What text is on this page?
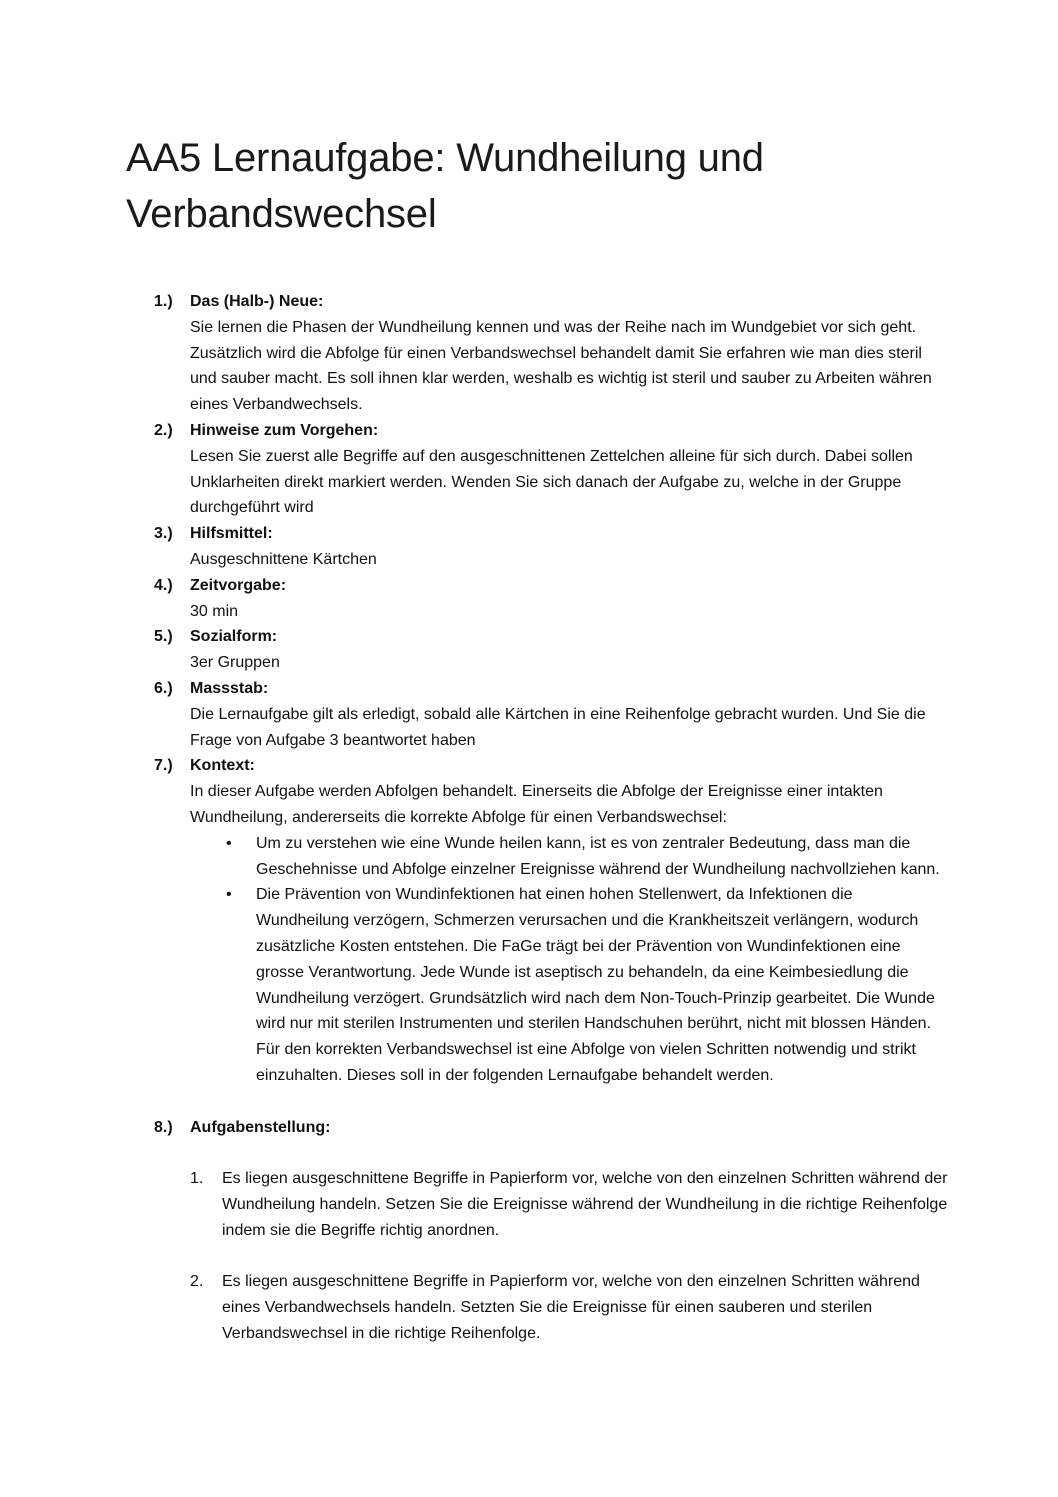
AA5 Lernaufgabe: Wundheilung und Verbandswechsel
1.) Das (Halb-) Neue:
Sie lernen die Phasen der Wundheilung kennen und was der Reihe nach im Wundgebiet vor sich geht. Zusätzlich wird die Abfolge für einen Verbandswechsel behandelt damit Sie erfahren wie man dies steril und sauber macht. Es soll ihnen klar werden, weshalb es wichtig ist steril und sauber zu Arbeiten währen eines Verbandwechsels.
2.) Hinweise zum Vorgehen:
Lesen Sie zuerst alle Begriffe auf den ausgeschnittenen Zettelchen alleine für sich durch. Dabei sollen Unklarheiten direkt markiert werden. Wenden Sie sich danach der Aufgabe zu, welche in der Gruppe durchgeführt wird
3.) Hilfsmittel:
Ausgeschnittene Kärtchen
4.) Zeitvorgabe:
30 min
5.) Sozialform:
3er Gruppen
6.) Massstab:
Die Lernaufgabe gilt als erledigt, sobald alle Kärtchen in eine Reihenfolge gebracht wurden. Und Sie die Frage von Aufgabe 3 beantwortet haben
7.) Kontext:
In dieser Aufgabe werden Abfolgen behandelt. Einerseits die Abfolge der Ereignisse einer intakten Wundheilung, andererseits die korrekte Abfolge für einen Verbandswechsel:
• Um zu verstehen wie eine Wunde heilen kann, ist es von zentraler Bedeutung, dass man die Geschehnisse und Abfolge einzelner Ereignisse während der Wundheilung nachvollziehen kann.
• Die Prävention von Wundinfektionen hat einen hohen Stellenwert, da Infektionen die Wundheilung verzögern, Schmerzen verursachen und die Krankheitszeit verlängern, wodurch zusätzliche Kosten entstehen. Die FaGe trägt bei der Prävention von Wundinfektionen eine grosse Verantwortung. Jede Wunde ist aseptisch zu behandeln, da eine Keimbesiedlung die Wundheilung verzögert. Grundsätzlich wird nach dem Non-Touch-Prinzip gearbeitet. Die Wunde wird nur mit sterilen Instrumenten und sterilen Handschuhen berührt, nicht mit blossen Händen. Für den korrekten Verbandswechsel ist eine Abfolge von vielen Schritten notwendig und strikt einzuhalten. Dieses soll in der folgenden Lernaufgabe behandelt werden.
8.) Aufgabenstellung:
1. Es liegen ausgeschnittene Begriffe in Papierform vor, welche von den einzelnen Schritten während der Wundheilung handeln. Setzen Sie die Ereignisse während der Wundheilung in die richtige Reihenfolge indem sie die Begriffe richtig anordnen.
2. Es liegen ausgeschnittene Begriffe in Papierform vor, welche von den einzelnen Schritten während eines Verbandwechsels handeln. Setzten Sie die Ereignisse für einen sauberen und sterilen Verbandswechsel in die richtige Reihenfolge.
